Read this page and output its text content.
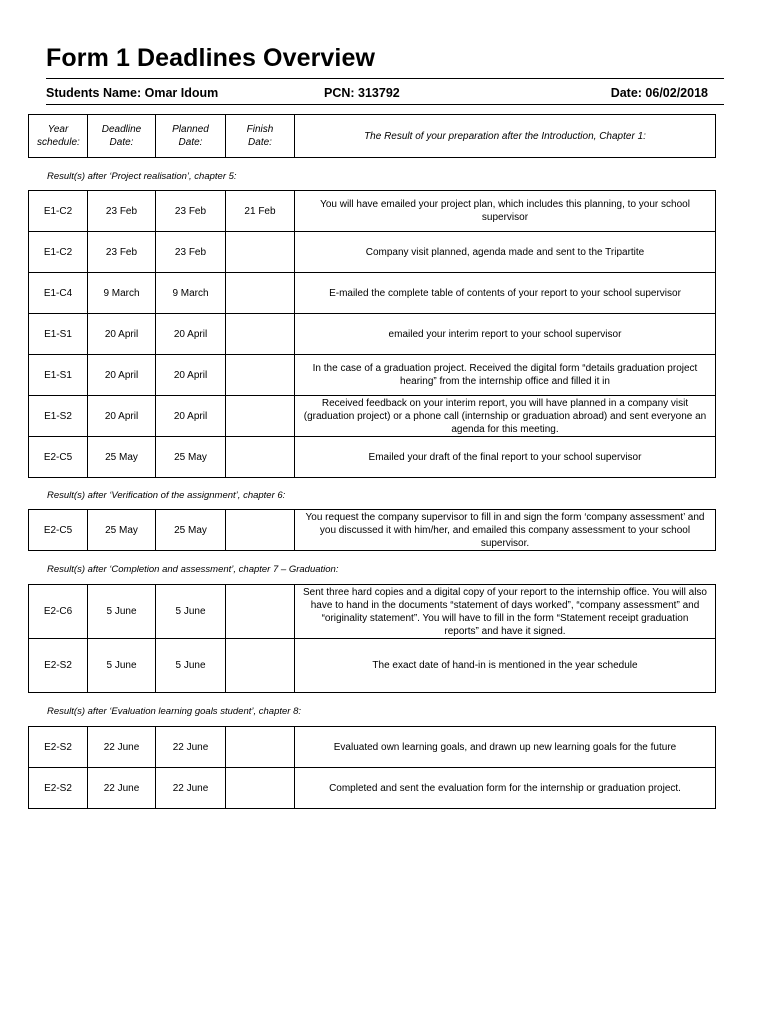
Form 1 Deadlines Overview
Students Name: Omar Idoum	PCN: 313792	Date: 06/02/2018
Year schedule:	Deadline Date:	Planned Date:	Finish Date:	The Result of your preparation after the Introduction, Chapter 1:
Result(s) after ‘Project realisation’, chapter 5:
E1-C2	23 Feb	23 Feb	21 Feb	You will have emailed your project plan, which includes this planning, to your school supervisor
E1-C2	23 Feb	23 Feb		Company visit planned, agenda made and sent to the Tripartite
E1-C4	9 March	9 March		E-mailed the complete table of contents of your report to your school supervisor
E1-S1	20 April	20 April		emailed your interim report to your school supervisor
E1-S1	20 April	20 April		In the case of a graduation project. Received the digital form “details graduation project hearing” from the internship office and filled it in
E1-S2	20 April	20 April		Received feedback on your interim report, you will have planned in a company visit (graduation project) or a phone call (internship or graduation abroad) and sent everyone an agenda for this meeting.
E2-C5	25 May	25 May		Emailed your draft of the final report to your school supervisor
Result(s) after ‘Verification of the assignment’, chapter 6:
E2-C5	25 May	25 May		You request the company supervisor to fill in and sign the form ‘company assessment’ and you discussed it with him/her, and emailed this company assessment to your school supervisor.
Result(s) after ‘Completion and assessment’, chapter 7 – Graduation:
E2-C6	5 June	5 June		Sent three hard copies and a digital copy of your report to the internship office. You will also have to hand in the documents “statement of days worked”, “company assessment” and “originality statement”. You will have to fill in the form “Statement receipt graduation reports” and have it signed.
E2-S2	5 June	5 June		The exact date of hand-in is mentioned in the year schedule
Result(s) after ‘Evaluation learning goals student’, chapter 8:
E2-S2	22 June	22 June		Evaluated own learning goals, and drawn up new learning goals for the future
E2-S2	22 June	22 June		Completed and sent the evaluation form for the internship or graduation project.
